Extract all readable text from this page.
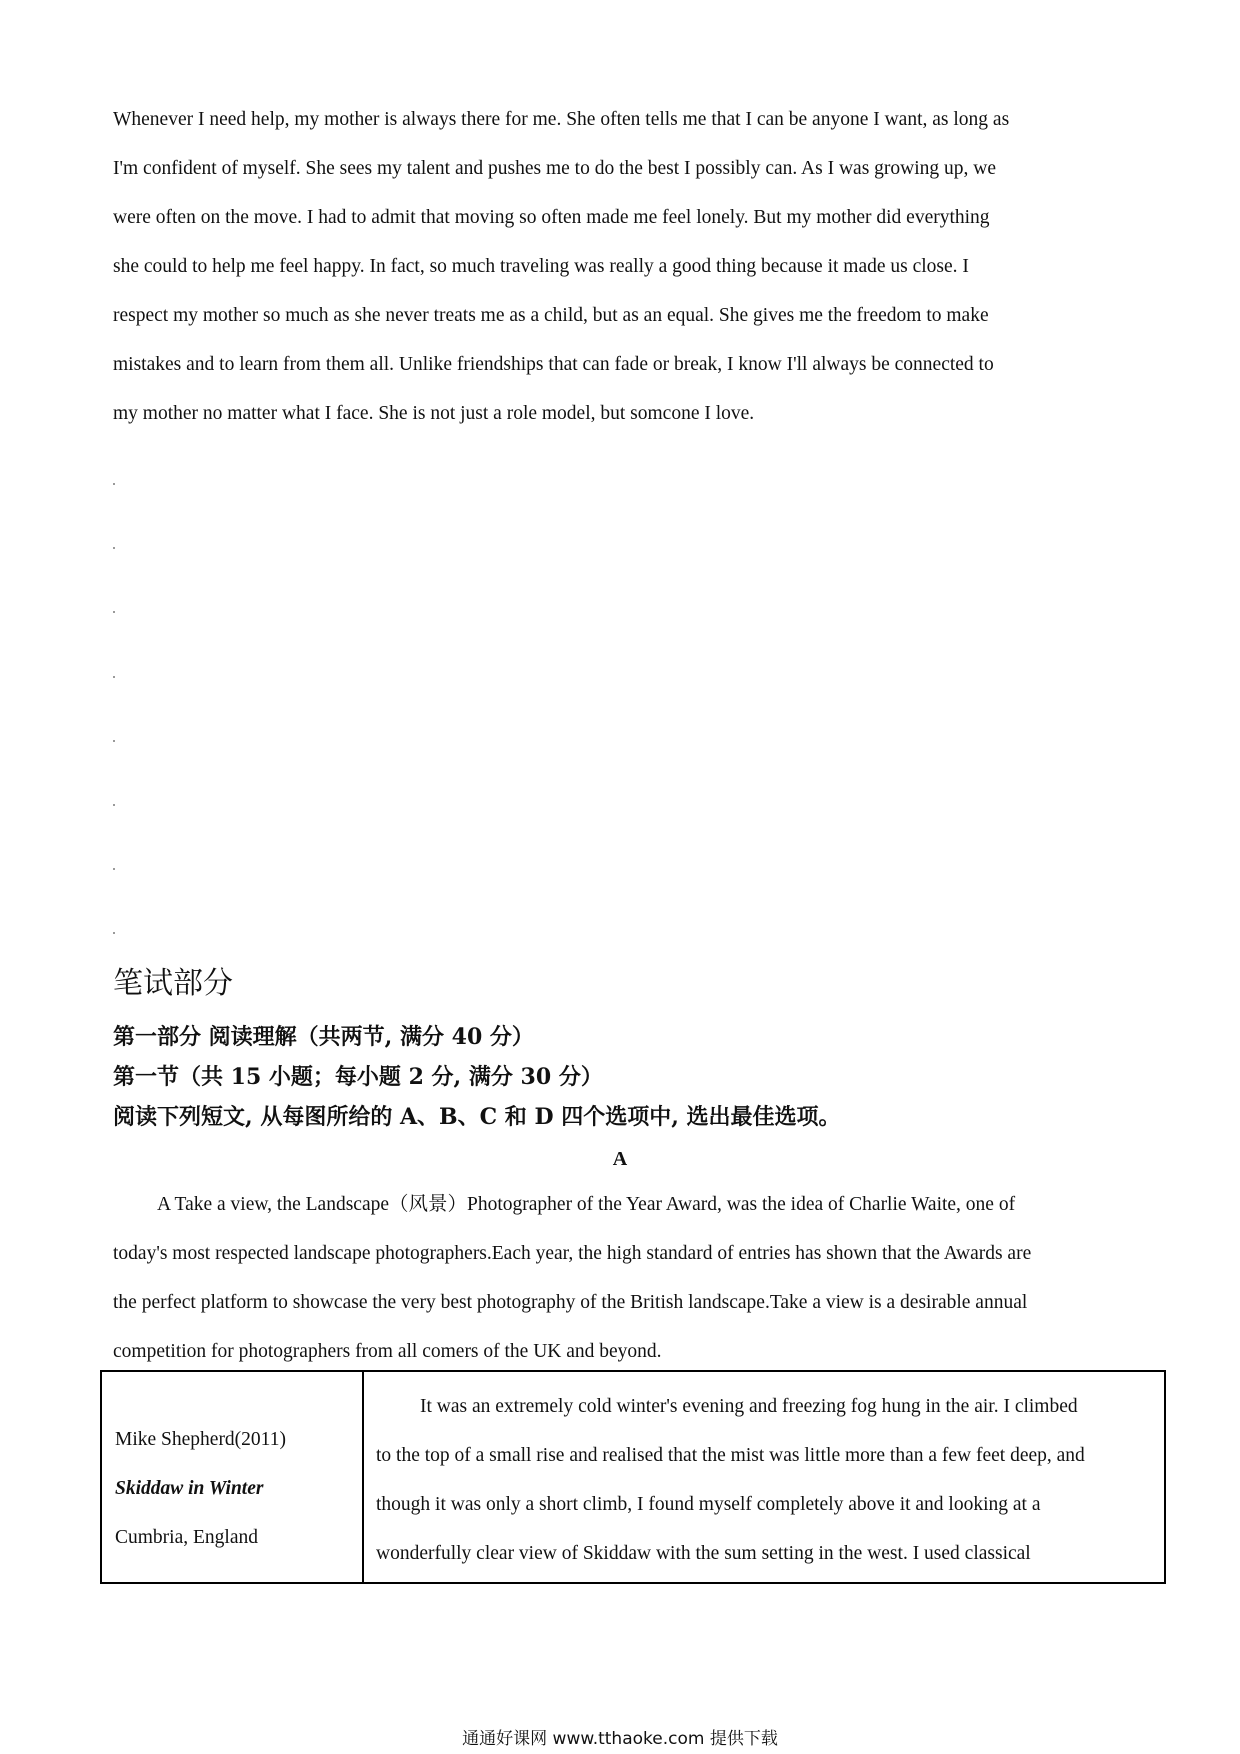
Whenever I need help, my mother is always there for me. She often tells me that I can be anyone I want, as long as
I'm confident of myself. She sees my talent and pushes me to do the best I possibly can. As I was growing up, we
were often on the move. I had to admit that moving so often made me feel lonely. But my mother did everything
she could to help me feel happy. In fact, so much traveling was really a good thing because it made us close. I
respect my mother so much as she never treats me as a child, but as an equal. She gives me the freedom to make
mistakes and to learn from them all. Unlike friendships that can fade or break, I know I'll always be connected to
my mother no matter what I face. She is not just a role model, but somcone I love.
笔试部分
第一部分 阅读理解（共两节, 满分 40 分）
第一节（共 15 小题；每小题 2 分, 满分 30 分）
阅读下列短文, 从每图所给的 A、B、C 和 D 四个选项中, 选出最佳选项。
A
A Take a view, the Landscape（风景）Photographer of the Year Award, was the idea of Charlie Waite, one of
today's most respected landscape photographers.Each year, the high standard of entries has shown that the Awards are
the perfect platform to showcase the very best photography of the British landscape.Take a view is a desirable annual
competition for photographers from all comers of the UK and beyond.
Mike Shepherd(2011)
Skiddaw in Winter
Cumbria, England
It was an extremely cold winter's evening and freezing fog hung in the air. I climbed
to the top of a small rise and realised that the mist was little more than a few feet deep, and
though it was only a short climb, I found myself completely above it and looking at a
wonderfully clear view of Skiddaw with the sum setting in the west. I used classical
通通好课网 www.tthaoke.com 提供下载
